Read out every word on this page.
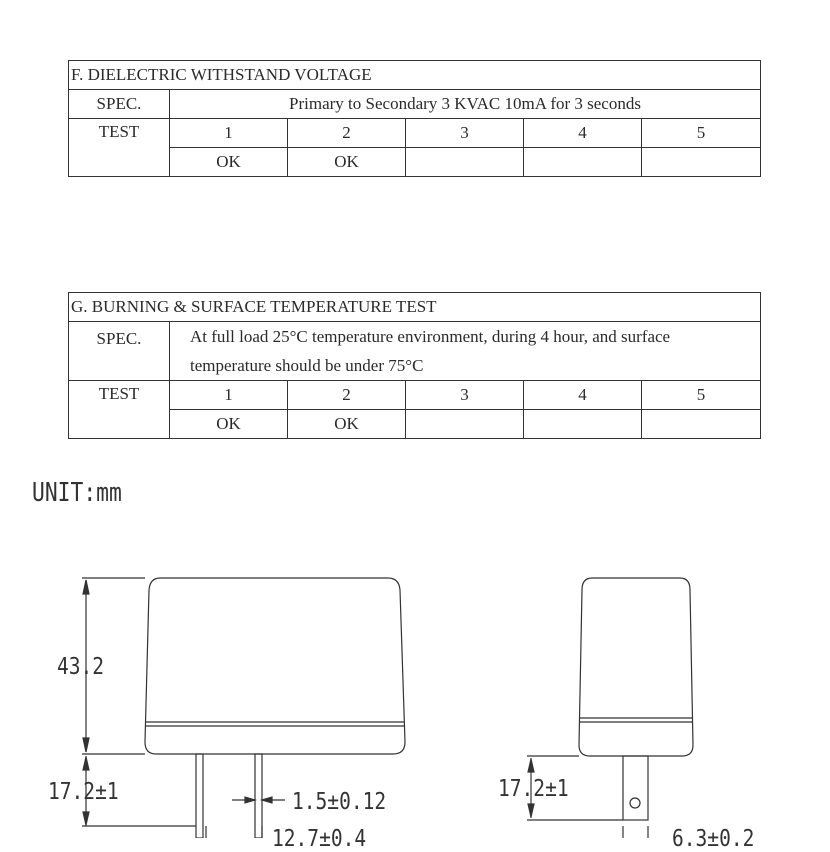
F. DIELECTRIC WITHSTAND VOLTAGE					
SPEC.	Primary to Secondary 3 KVAC 10mA for 3 seconds				
TEST	1	2	3	4	5
	OK	OK			
G. BURNING & SURFACE TEMPERATURE TEST					
SPEC.	At full load 25°C temperature environment, during 4 hour, and surface
temperature should be under 75°C				

TEST	1	2	3	4	5
	OK	OK			
UNIT:mm
43.2
17.2±1	1.5±0.12
12.7±0.4
17.2±1
6.3±0.2
